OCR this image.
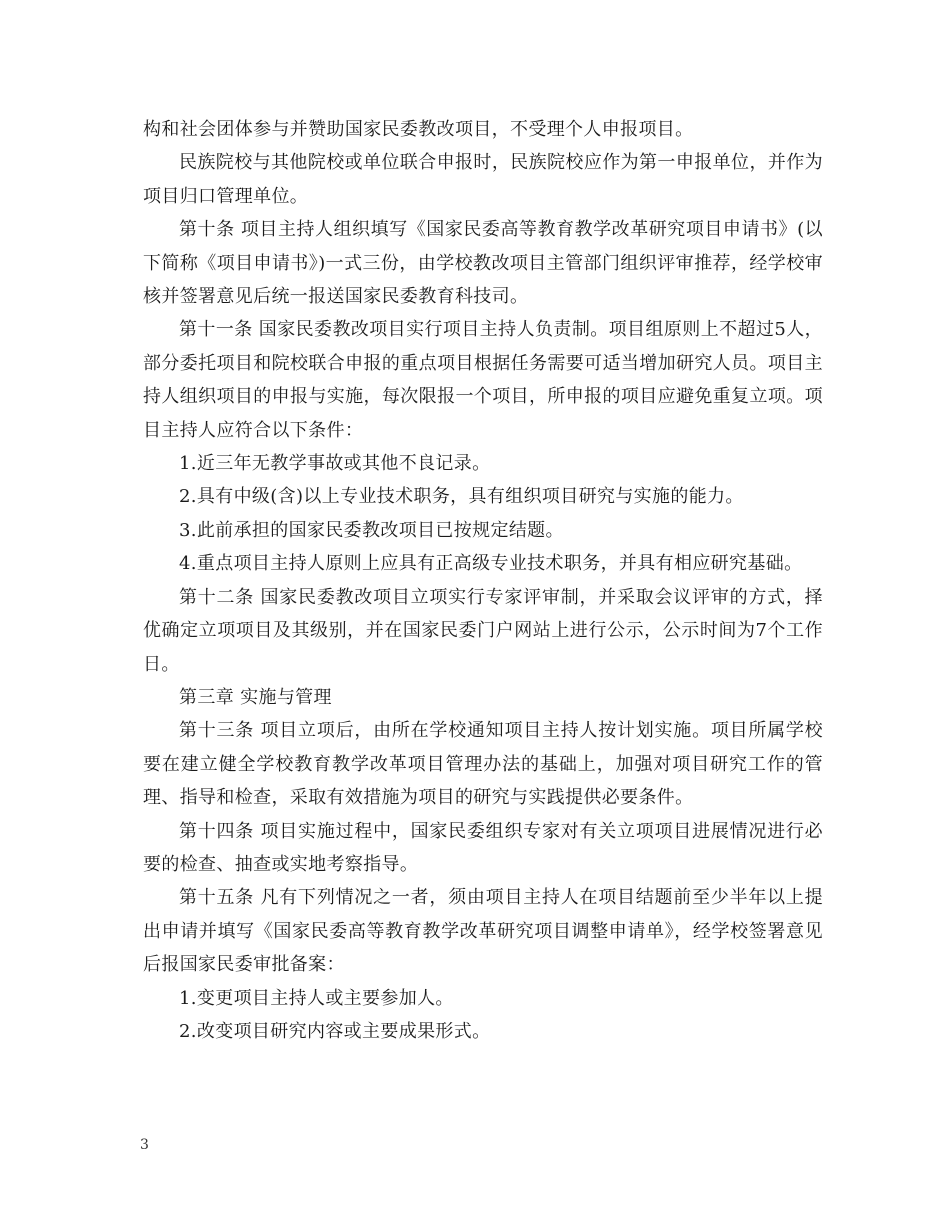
构和社会团体参与并赞助国家民委教改项目，不受理个人申报项目。

民族院校与其他院校或单位联合申报时，民族院校应作为第一申报单位，并作为项目归口管理单位。

第十条 项目主持人组织填写《国家民委高等教育教学改革研究项目申请书》(以下简称《项目申请书》)一式三份，由学校教改项目主管部门组织评审推荐，经学校审核并签署意见后统一报送国家民委教育科技司。

第十一条 国家民委教改项目实行项目主持人负责制。项目组原则上不超过5人，部分委托项目和院校联合申报的重点项目根据任务需要可适当增加研究人员。项目主持人组织项目的申报与实施，每次限报一个项目，所申报的项目应避免重复立项。项目主持人应符合以下条件：

1.近三年无教学事故或其他不良记录。

2.具有中级(含)以上专业技术职务，具有组织项目研究与实施的能力。

3.此前承担的国家民委教改项目已按规定结题。

4.重点项目主持人原则上应具有正高级专业技术职务，并具有相应研究基础。

第十二条 国家民委教改项目立项实行专家评审制，并采取会议评审的方式，择优确定立项项目及其级别，并在国家民委门户网站上进行公示，公示时间为7个工作日。

第三章 实施与管理

第十三条 项目立项后，由所在学校通知项目主持人按计划实施。项目所属学校要在建立健全学校教育教学改革项目管理办法的基础上，加强对项目研究工作的管理、指导和检查，采取有效措施为项目的研究与实践提供必要条件。

第十四条 项目实施过程中，国家民委组织专家对有关立项项目进展情况进行必要的检查、抽查或实地考察指导。

第十五条 凡有下列情况之一者，须由项目主持人在项目结题前至少半年以上提出申请并填写《国家民委高等教育教学改革研究项目调整申请单》，经学校签署意见后报国家民委审批备案：

1.变更项目主持人或主要参加人。

2.改变项目研究内容或主要成果形式。

3
